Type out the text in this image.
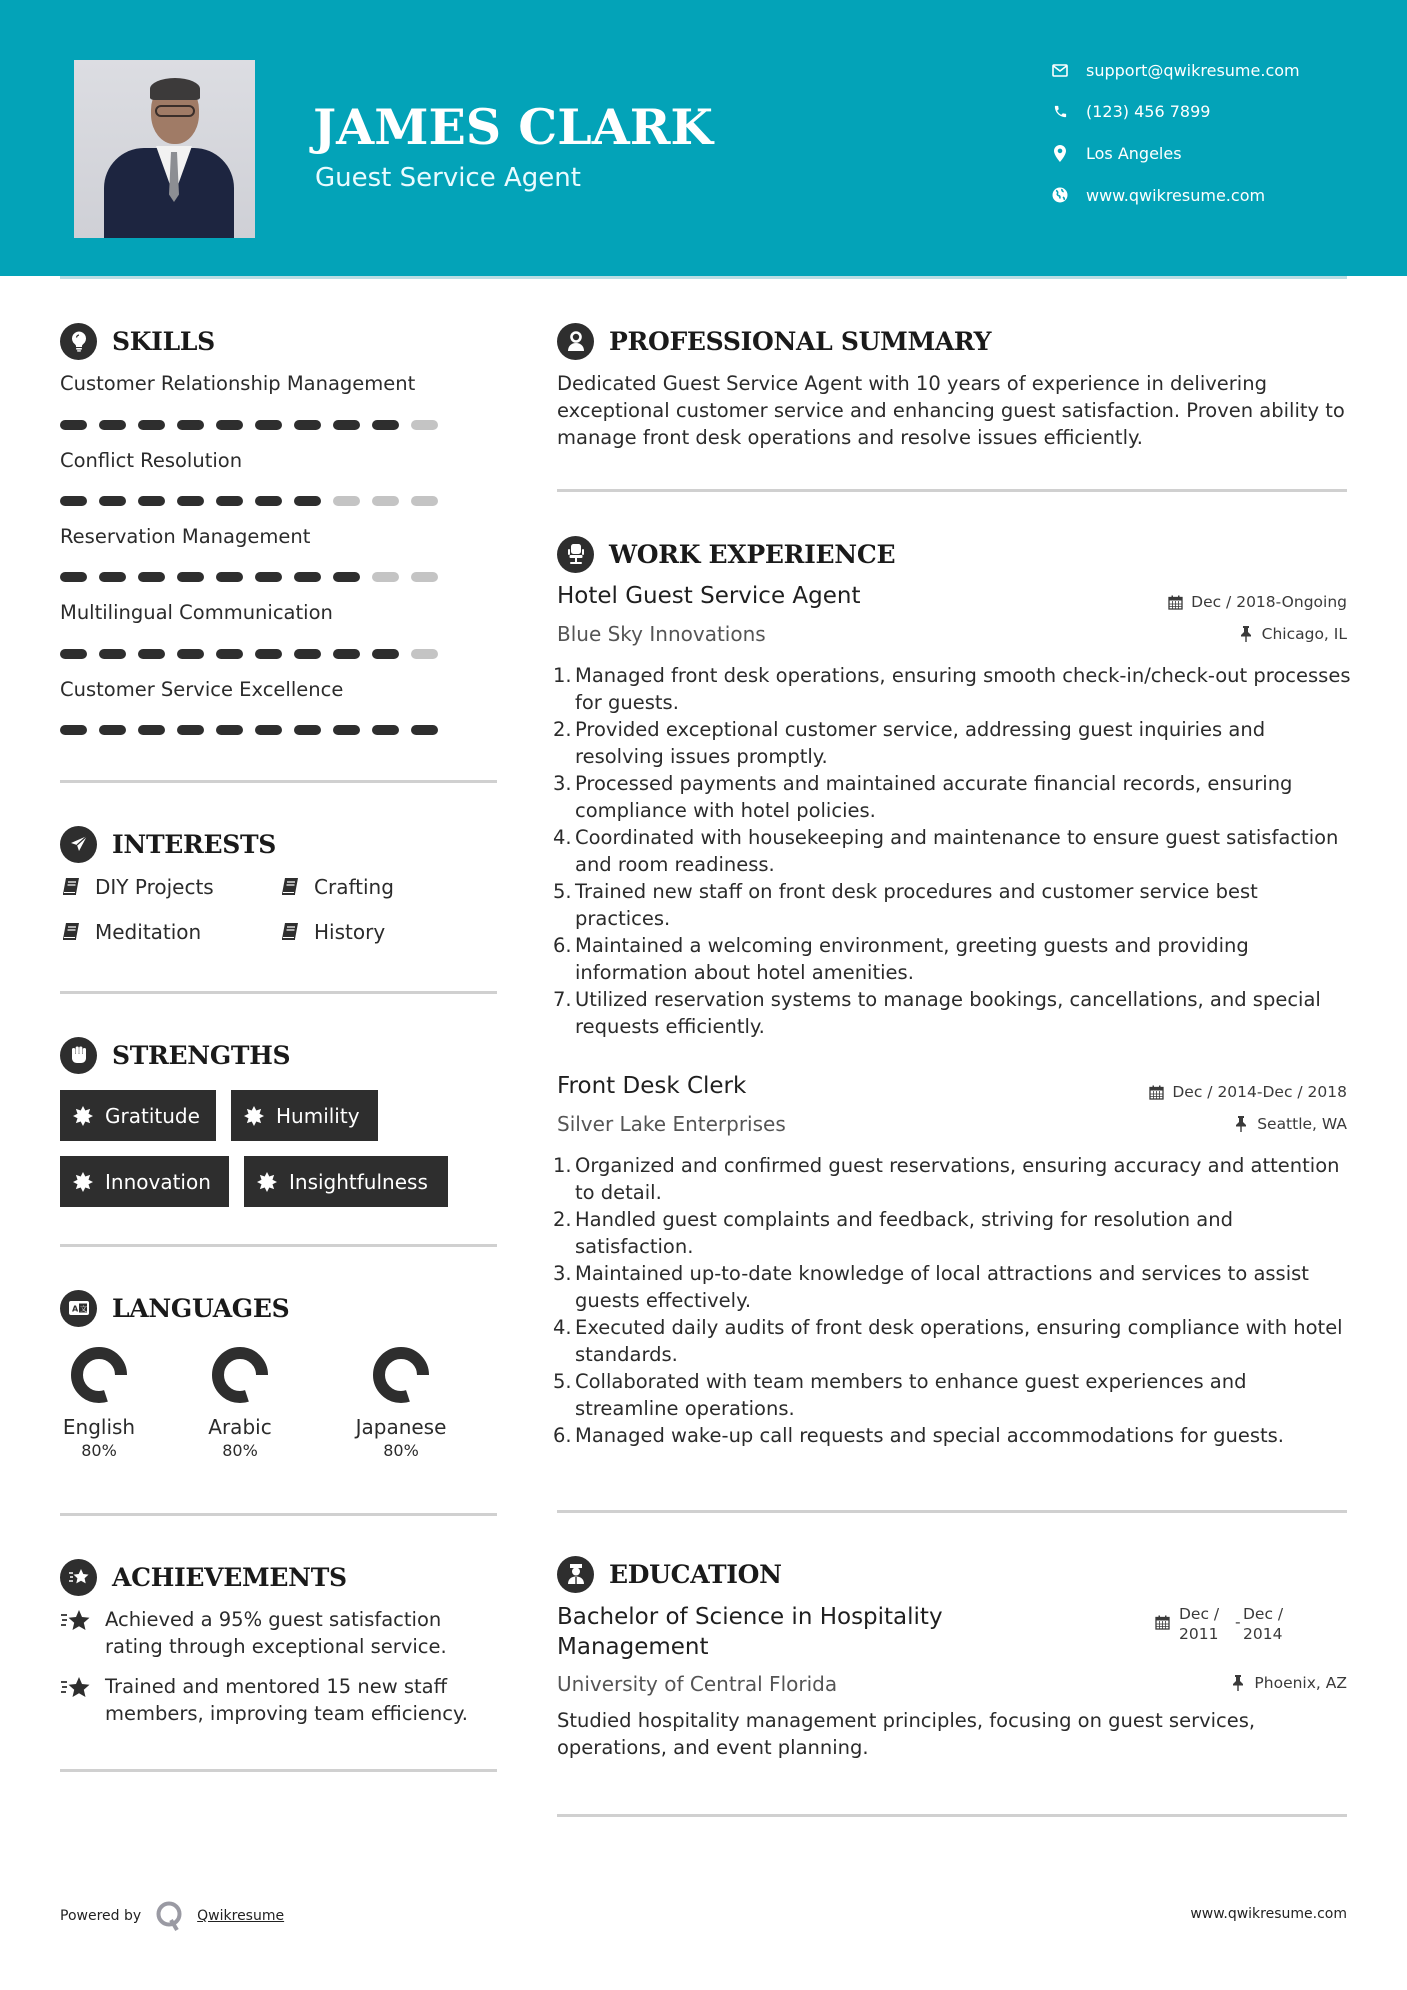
JAMES CLARK
Guest Service Agent
support@qwikresume.com
(123) 456 7899
Los Angeles
www.qwikresume.com
SKILLS
Customer Relationship Management
Conflict Resolution
Reservation Management
Multilingual Communication
Customer Service Excellence
INTERESTS
DIY Projects	Crafting
Meditation	History
STRENGTHS
Gratitude	Humility
Innovation	Insightfulness
A 文 LANGUAGES
English
80%
Arabic
80%
Japanese
80%
ACHIEVEMENTS
Achieved a 95% guest satisfaction rating through exceptional service.
Trained and mentored 15 new staff members, improving team efficiency.
PROFESSIONAL SUMMARY
Dedicated Guest Service Agent with 10 years of experience in delivering exceptional customer service and enhancing guest satisfaction. Proven ability to manage front desk operations and resolve issues efficiently.
WORK EXPERIENCE
Hotel Guest Service Agent	Dec / 2018-Ongoing
Blue Sky Innovations	Chicago, IL
1. Managed front desk operations, ensuring smooth check-in/check-out processes for guests.
2. Provided exceptional customer service, addressing guest inquiries and resolving issues promptly.
3. Processed payments and maintained accurate financial records, ensuring compliance with hotel policies.
4. Coordinated with housekeeping and maintenance to ensure guest satisfaction and room readiness.
5. Trained new staff on front desk procedures and customer service best practices.
6. Maintained a welcoming environment, greeting guests and providing information about hotel amenities.
7. Utilized reservation systems to manage bookings, cancellations, and special requests efficiently.
Front Desk Clerk	Dec / 2014-Dec / 2018
Silver Lake Enterprises	Seattle, WA
1. Organized and confirmed guest reservations, ensuring accuracy and attention to detail.
2. Handled guest complaints and feedback, striving for resolution and satisfaction.
3. Maintained up-to-date knowledge of local attractions and services to assist guests effectively.
4. Executed daily audits of front desk operations, ensuring compliance with hotel standards.
5. Collaborated with team members to enhance guest experiences and streamline operations.
6. Managed wake-up call requests and special accommodations for guests.
EDUCATION
Bachelor of Science in Hospitality Management
Dec / 2011
- Dec / 2014
University of Central Florida	Phoenix, AZ
Studied hospitality management principles, focusing on guest services, operations, and event planning.
Powered by	Qwikresume	www.qwikresume.com
